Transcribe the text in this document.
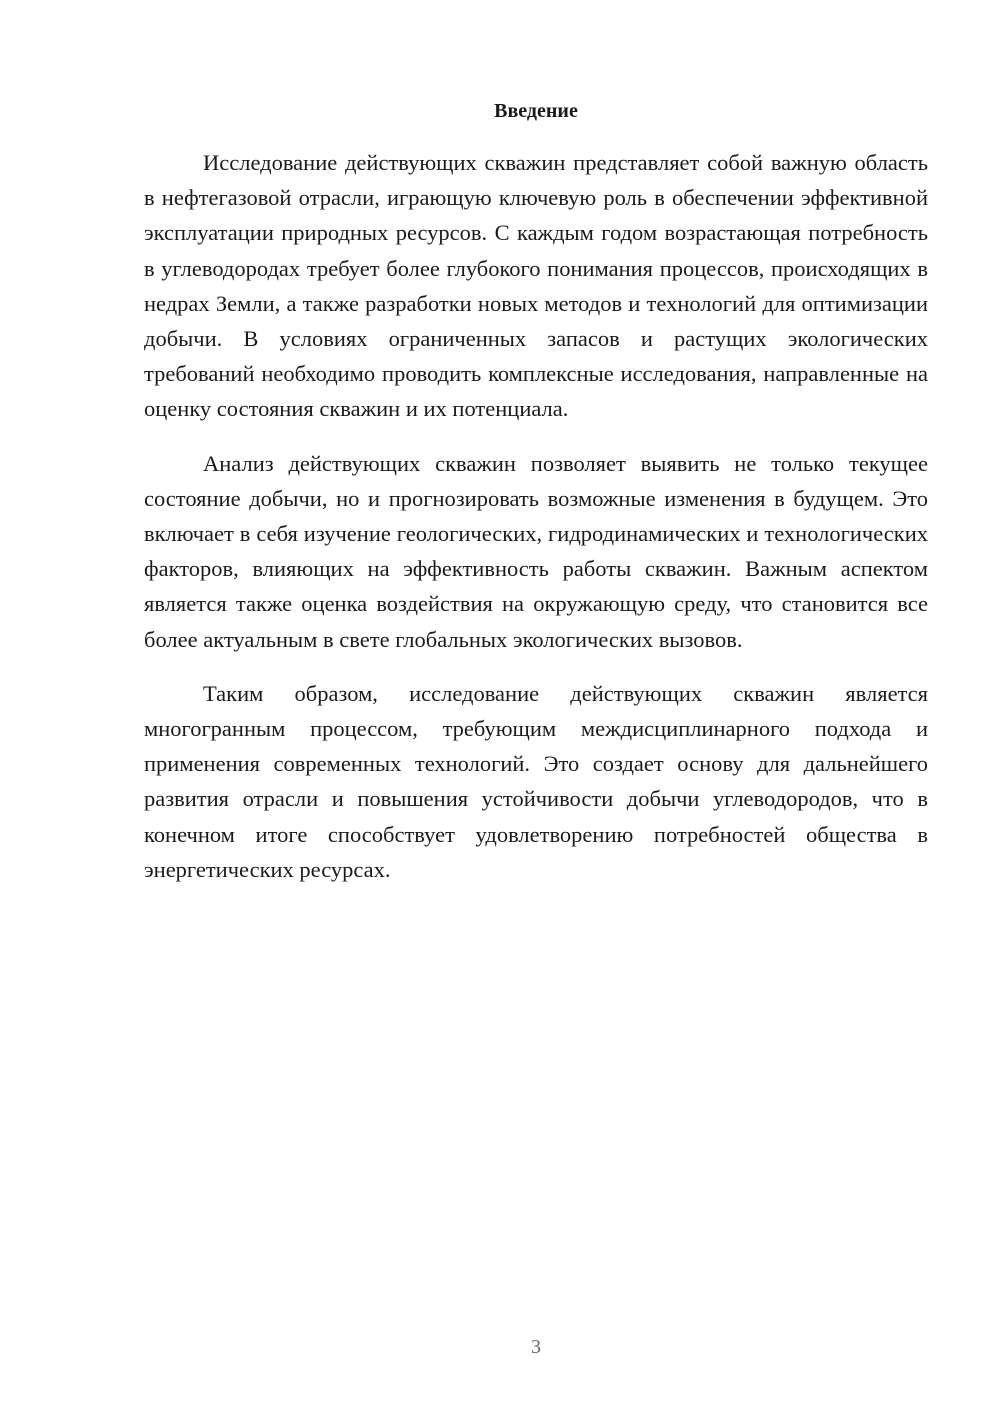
Введение

Исследование действующих скважин представляет собой важную область в нефтегазовой отрасли, играющую ключевую роль в обеспечении эффективной эксплуатации природных ресурсов. С каждым годом возрастающая потребность в углеводородах требует более глубокого понимания процессов, происходящих в недрах Земли, а также разработки новых методов и технологий для оптимизации добычи. В условиях ограниченных запасов и растущих экологических требований необходимо проводить комплексные исследования, направленные на оценку состояния скважин и их потенциала.

Анализ действующих скважин позволяет выявить не только текущее состояние добычи, но и прогнозировать возможные изменения в будущем. Это включает в себя изучение геологических, гидродинамических и технологических факторов, влияющих на эффективность работы скважин. Важным аспектом является также оценка воздействия на окружающую среду, что становится все более актуальным в свете глобальных экологических вызовов.

Таким образом, исследование действующих скважин является многогранным процессом, требующим междисциплинарного подхода и применения современных технологий. Это создает основу для дальнейшего развития отрасли и повышения устойчивости добычи углеводородов, что в конечном итоге способствует удовлетворению потребностей общества в энергетических ресурсах.

3
